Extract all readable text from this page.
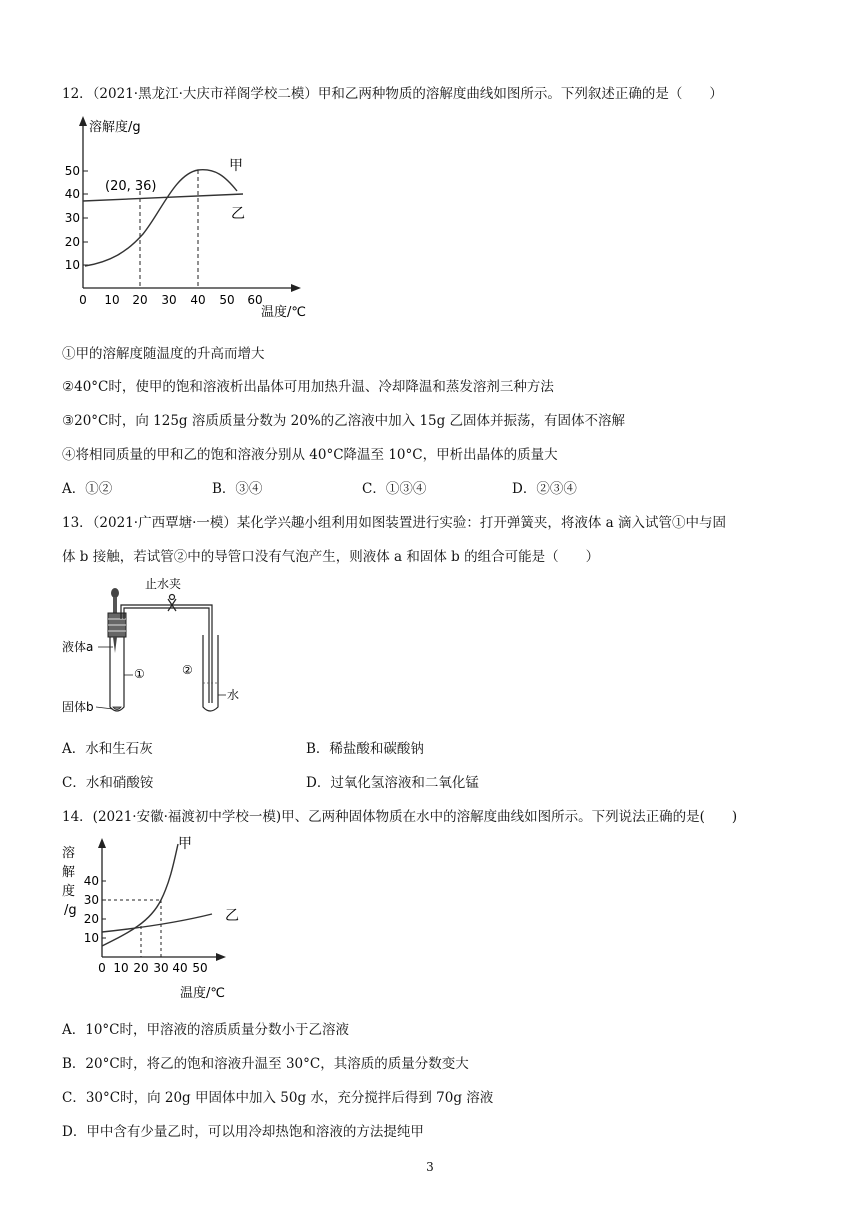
12．（2021·黑龙江·大庆市祥阁学校二模）甲和乙两种物质的溶解度曲线如图所示。下列叙述正确的是（　　）
溶解度/g
10
20
30
40
50
0 10 20 30 40 50 60
温度/℃
(20, 36)
甲
乙
①甲的溶解度随温度的升高而增大
②40°C时，使甲的饱和溶液析出晶体可用加热升温、冷却降温和蒸发溶剂三种方法
③20°C时，向 125g 溶质质量分数为 20%的乙溶液中加入 15g 乙固体并振荡，有固体不溶解
④将相同质量的甲和乙的饱和溶液分别从 40°C降温至 10°C，甲析出晶体的质量大
A．①②	B．③④	C．①③④	D．②③④
13．（2021·广西覃塘·一模）某化学兴趣小组利用如图装置进行实验：打开弹簧夹，将液体 a 滴入试管①中与固
体 b 接触，若试管②中的导管口没有气泡产生，则液体 a 和固体 b 的组合可能是（　　）
止水夹
液体a
固体b
①	②
水
A．水和生石灰	B．稀盐酸和碳酸钠
C．水和硝酸铵	D．过氧化氢溶液和二氧化锰
14．(2021·安徽·福渡初中学校一模)甲、乙两种固体物质在水中的溶解度曲线如图所示。下列说法正确的是(　　)
溶
解
度
/g
10
20
30
40
0 10 20 30 40 50
温度/℃
甲
乙
A．10°C时，甲溶液的溶质质量分数小于乙溶液
B．20°C时，将乙的饱和溶液升温至 30°C，其溶质的质量分数变大
C．30°C时，向 20g 甲固体中加入 50g 水，充分搅拌后得到 70g 溶液
D．甲中含有少量乙时，可以用冷却热饱和溶液的方法提纯甲
3
